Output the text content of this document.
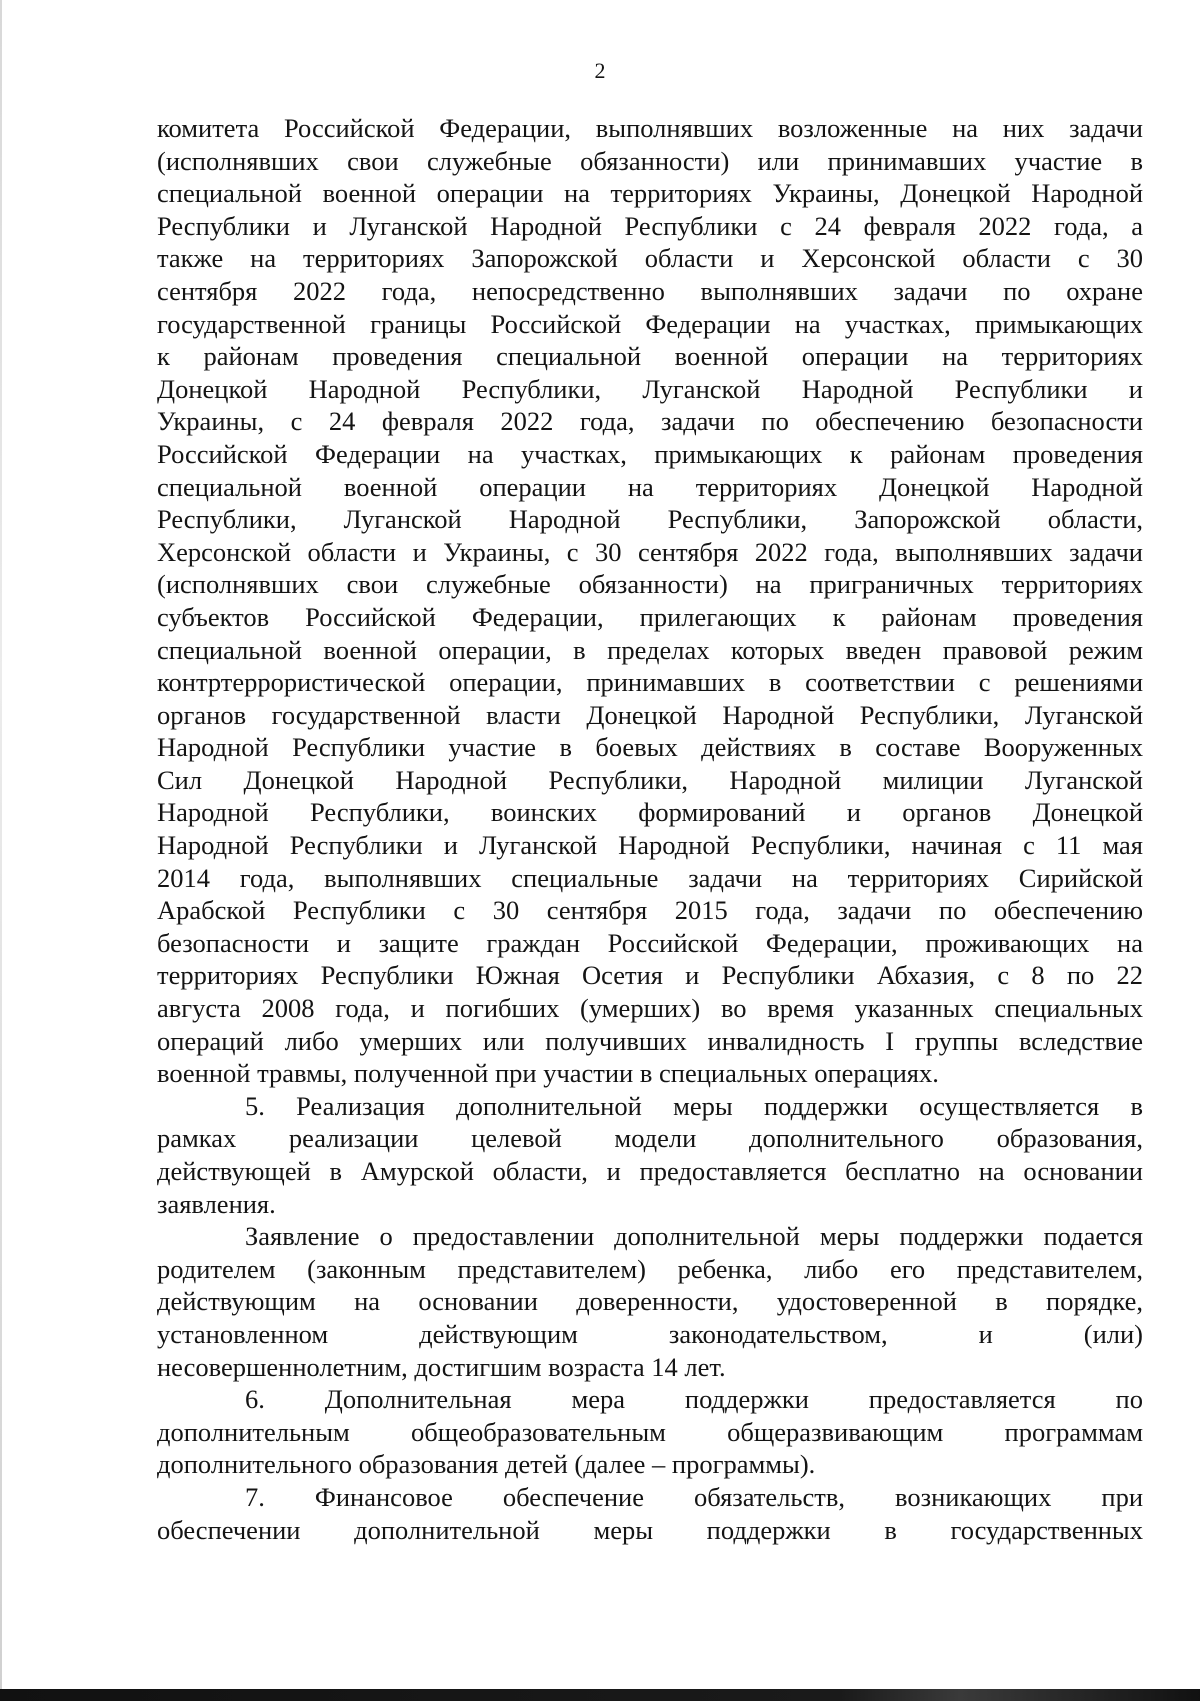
2
комитета Российской Федерации, выполнявших возложенные на них задачи
(исполнявших свои служебные обязанности) или принимавших участие в
специальной военной операции на территориях Украины, Донецкой Народной
Республики и Луганской Народной Республики с 24 февраля 2022 года, а
также на территориях Запорожской области и Херсонской области с 30
сентября 2022 года, непосредственно выполнявших задачи по охране
государственной границы Российской Федерации на участках, примыкающих
к районам проведения специальной военной операции на территориях
Донецкой Народной Республики, Луганской Народной Республики и
Украины, с 24 февраля 2022 года, задачи по обеспечению безопасности
Российской Федерации на участках, примыкающих к районам проведения
специальной военной операции на территориях Донецкой Народной
Республики, Луганской Народной Республики, Запорожской области,
Херсонской области и Украины, с 30 сентября 2022 года, выполнявших задачи
(исполнявших свои служебные обязанности) на приграничных территориях
субъектов Российской Федерации, прилегающих к районам проведения
специальной военной операции, в пределах которых введен правовой режим
контртеррористической операции, принимавших в соответствии с решениями
органов государственной власти Донецкой Народной Республики, Луганской
Народной Республики участие в боевых действиях в составе Вооруженных
Сил Донецкой Народной Республики, Народной милиции Луганской
Народной Республики, воинских формирований и органов Донецкой
Народной Республики и Луганской Народной Республики, начиная с 11 мая
2014 года, выполнявших специальные задачи на территориях Сирийской
Арабской Республики с 30 сентября 2015 года, задачи по обеспечению
безопасности и защите граждан Российской Федерации, проживающих на
территориях Республики Южная Осетия и Республики Абхазия, с 8 по 22
августа 2008 года, и погибших (умерших) во время указанных специальных
операций либо умерших или получивших инвалидность I группы вследствие
военной травмы, полученной при участии в специальных операциях.
5. Реализация дополнительной меры поддержки осуществляется в
рамках реализации целевой модели дополнительного образования,
действующей в Амурской области, и предоставляется бесплатно на основании
заявления.
Заявление о предоставлении дополнительной меры поддержки подается
родителем (законным представителем) ребенка, либо его представителем,
действующим на основании доверенности, удостоверенной в порядке,
установленном действующим законодательством, и (или)
несовершеннолетним, достигшим возраста 14 лет.
6. Дополнительная мера поддержки предоставляется по
дополнительным общеобразовательным общеразвивающим программам
дополнительного образования детей (далее – программы).
7. Финансовое обеспечение обязательств, возникающих при
обеспечении дополнительной меры поддержки в государственных
